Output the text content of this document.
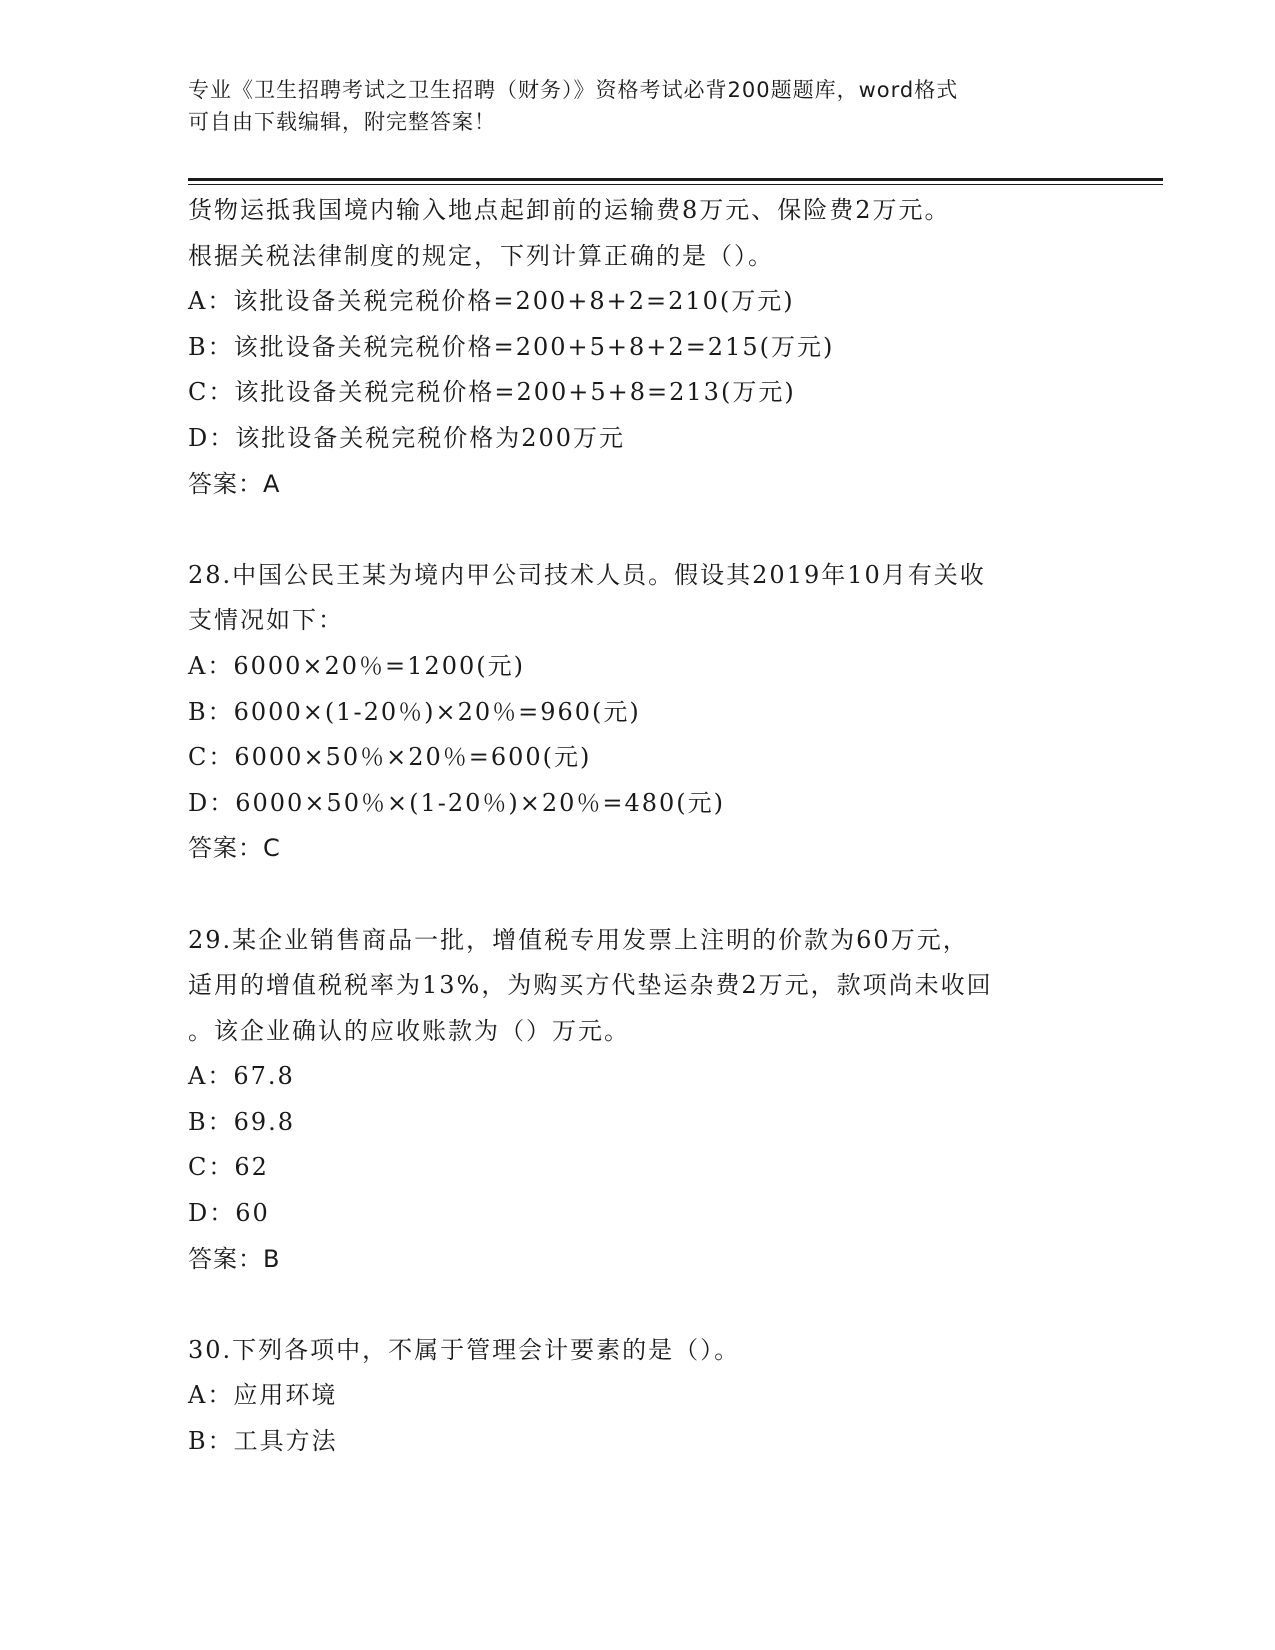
专业《卫生招聘考试之卫生招聘（财务）》资格考试必背200题题库，word格式
可自由下载编辑，附完整答案！
货物运抵我国境内输入地点起卸前的运输费8万元、保险费2万元。
根据关税法律制度的规定，下列计算正确的是（）。
A：该批设备关税完税价格=200+8+2=210(万元)
B：该批设备关税完税价格=200+5+8+2=215(万元)
C：该批设备关税完税价格=200+5+8=213(万元)
D：该批设备关税完税价格为200万元
答案：A
28.中国公民王某为境内甲公司技术人员。假设其2019年10月有关收
支情况如下：
A：6000×20％=1200(元)
B：6000×(1-20％)×20％=960(元)
C：6000×50％×20％=600(元)
D：6000×50％×(1-20％)×20％=480(元)
答案：C
29.某企业销售商品一批，增值税专用发票上注明的价款为60万元，
适用的增值税税率为13%，为购买方代垫运杂费2万元，款项尚未收回
。该企业确认的应收账款为（）万元。
A：67.8
B：69.8
C：62
D：60
答案：B
30.下列各项中，不属于管理会计要素的是（）。
A：应用环境
B：工具方法
